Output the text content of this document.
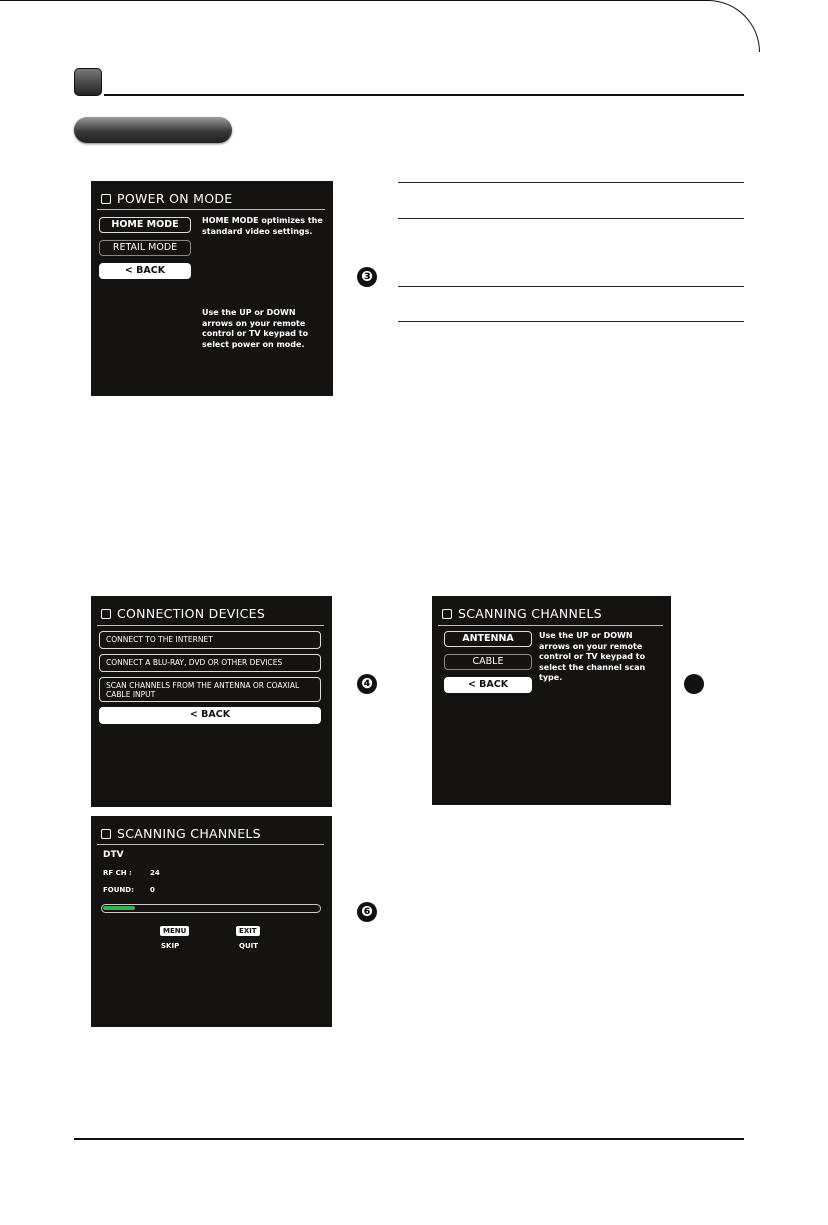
❸
❹
❻
POWER ON MODE
HOME MODE
RETAIL MODE
< BACK
HOME MODE optimizes the
standard video settings.
Use the UP or DOWN
arrows on your remote
control or TV keypad to
select power on mode.
CONNECTION DEVICES
CONNECT TO THE INTERNET
CONNECT A BLU-RAY, DVD OR OTHER DEVICES
SCAN CHANNELS FROM THE ANTENNA OR COAXIAL
CABLE INPUT
< BACK
SCANNING CHANNELS
ANTENNA
CABLE
< BACK
Use the UP or DOWN
arrows on your remote
control or TV keypad to
select the channel scan type.
SCANNING CHANNELS
DTV
RF CH :	24
FOUND: 0
MENU	EXIT
SKIP	QUIT
